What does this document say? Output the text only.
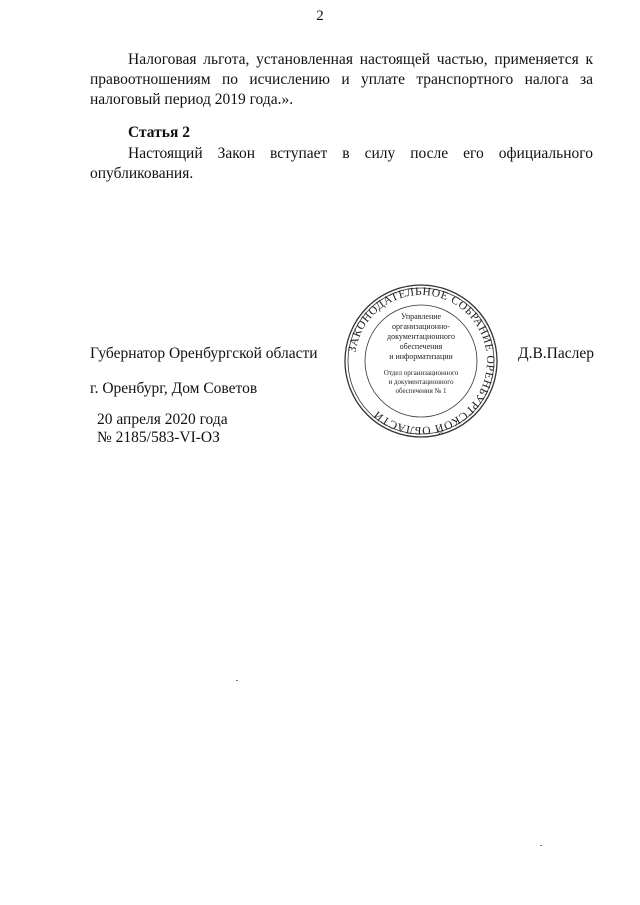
2

Налоговая льгота, установленная настоящей частью, применяется к правоотношениям по исчислению и уплате транспортного налога за налоговый период 2019 года.».

Статья 2

Настоящий Закон вступает в силу после его официального опубликования.

Губернатор Оренбургской области	Д.В.Паслер
г. Оренбург, Дом Советов
20 апреля 2020 года
№ 2185/583-VI-ОЗ
ЗАКОНОДАТЕЛЬНОЕ СОБРАНИЕ ОРЕНБУРГСКОЙ ОБЛАСТИ
Управление
организационно-
документационного
обеспечения
и информатизации
Отдел организационного
и документационного
обеспечения № 1
